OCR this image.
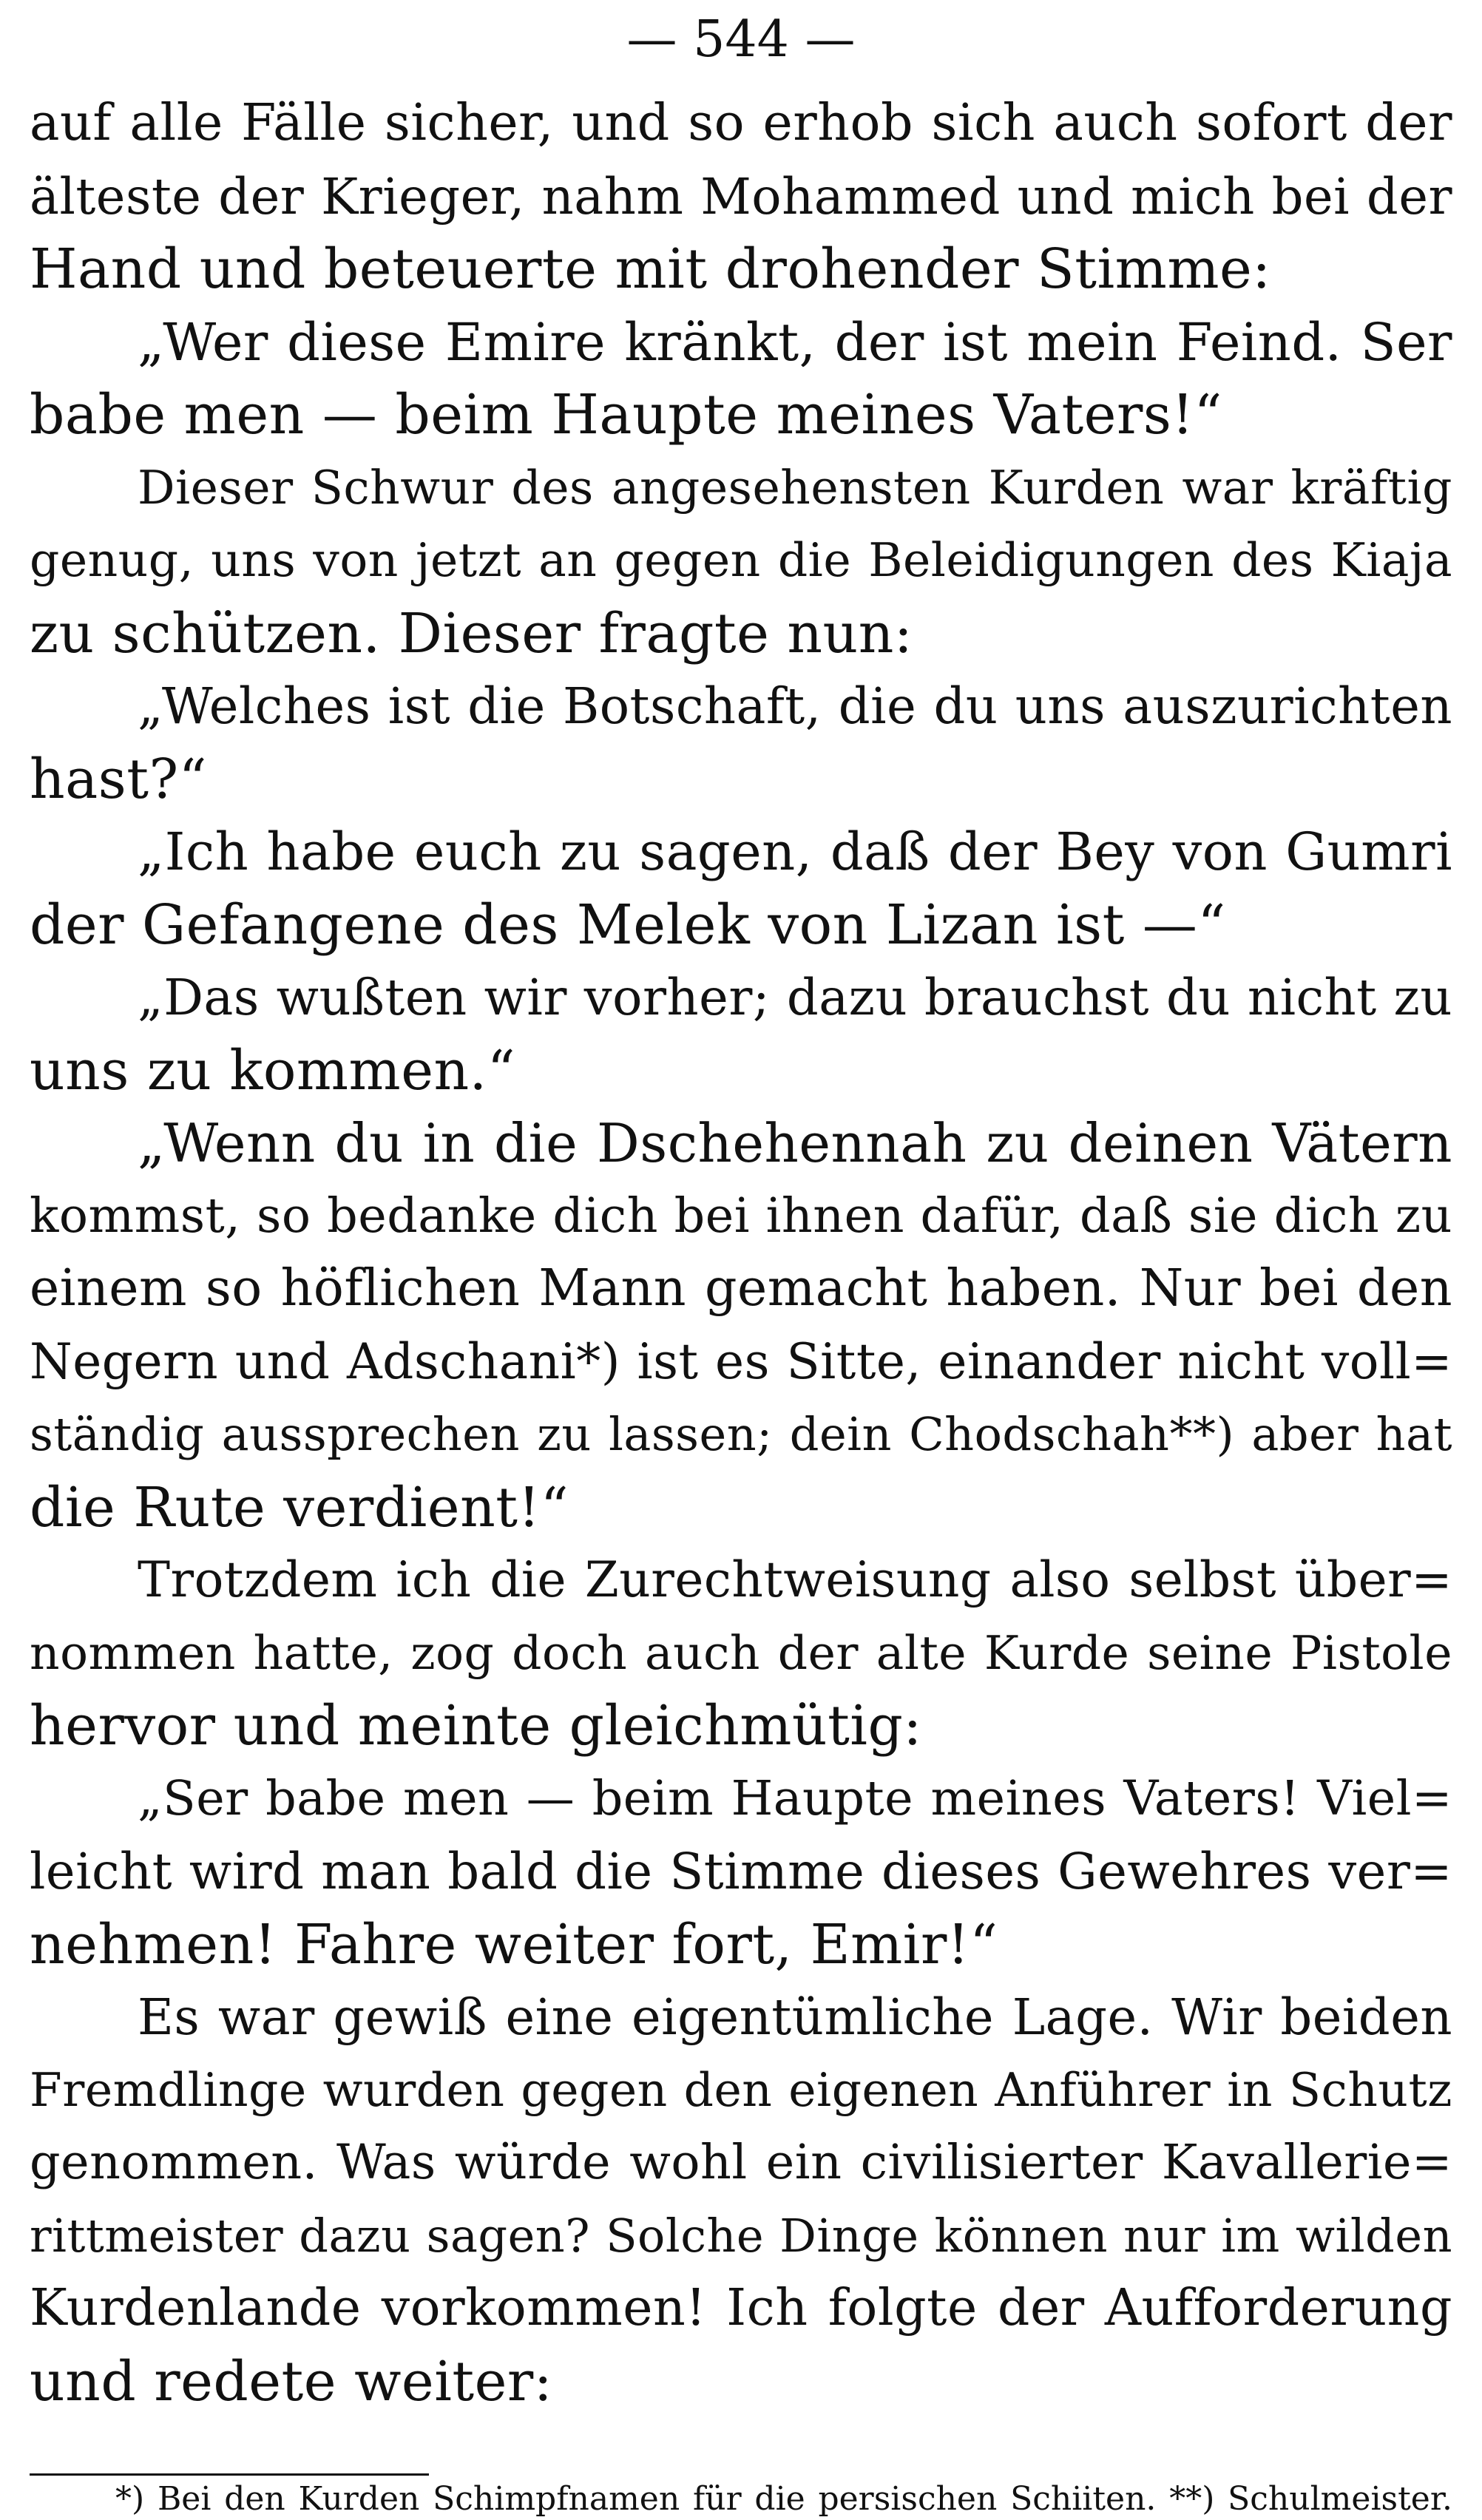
— 544 —
auf alle Fälle sicher, und so erhob sich auch sofort der
älteste der Krieger, nahm Mohammed und mich bei der
Hand und beteuerte mit drohender Stimme:
„Wer diese Emire kränkt, der ist mein Feind. Ser
babe men — beim Haupte meines Vaters!“
Dieser Schwur des angesehensten Kurden war kräftig
genug, uns von jetzt an gegen die Beleidigungen des Kiaja
zu schützen. Dieser fragte nun:
„Welches ist die Botschaft, die du uns auszurichten
hast?“
„Ich habe euch zu sagen, daß der Bey von Gumri
der Gefangene des Melek von Lizan ist —“
„Das wußten wir vorher; dazu brauchst du nicht zu
uns zu kommen.“
„Wenn du in die Dschehennah zu deinen Vätern
kommst, so bedanke dich bei ihnen dafür, daß sie dich zu
einem so höflichen Mann gemacht haben. Nur bei den
Negern und Adschani*) ist es Sitte, einander nicht voll=
ständig aussprechen zu lassen; dein Chodschah**) aber hat
die Rute verdient!“
Trotzdem ich die Zurechtweisung also selbst über=
nommen hatte, zog doch auch der alte Kurde seine Pistole
hervor und meinte gleichmütig:
„Ser babe men — beim Haupte meines Vaters! Viel=
leicht wird man bald die Stimme dieses Gewehres ver=
nehmen! Fahre weiter fort, Emir!“
Es war gewiß eine eigentümliche Lage. Wir beiden
Fremdlinge wurden gegen den eigenen Anführer in Schutz
genommen. Was würde wohl ein civilisierter Kavallerie=
rittmeister dazu sagen? Solche Dinge können nur im wilden
Kurdenlande vorkommen! Ich folgte der Aufforderung
und redete weiter:
*) Bei den Kurden Schimpfnamen für die persischen Schiiten. **) Schulmeister.
